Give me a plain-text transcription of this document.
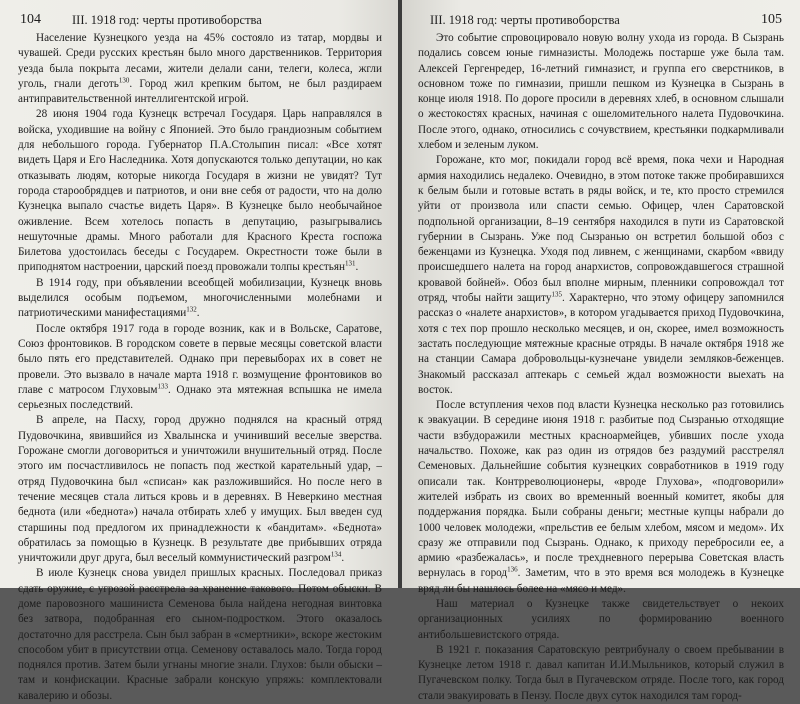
104 III. 1918 год: черты противоборства

Население Кузнецкого уезда на 45% состояло из татар, мордвы и чувашей. Среди русских крестьян было много дарственников. Территория уезда была покрыта лесами, жители делали сани, телеги, колеса, жгли уголь, гнали деготь$^{130}$. Город жил крепким бытом, не был раздираем антиправительственной интеллигентской игрой.

28 июня 1904 года Кузнецк встречал Государя. Царь направлялся в войска, уходившие на войну с Японией. Это было грандиозным событием для небольшого города. Губернатор П.А.Столыпин писал: «Все хотят видеть Царя и Его Наследника. Хотя допускаются только депутации, но как отказывать людям, которые никогда Государя в жизни не увидят? Тут города старообрядцев и патриотов, и они вне себя от радости, что на долю Кузнецка выпало счастье видеть Царя». В Кузнецке было необычайное оживление. Всем хотелось попасть в депутацию, разыгрывались нешуточные драмы. Много работали для Красного Креста госпожа Билетова удостоилась беседы с Государем. Окрестности тоже были в приподнятом настроении, царский поезд провожали толпы крестьян$^{131}$.

В 1914 году, при объявлении всеобщей мобилизации, Кузнецк вновь выделился особым подъемом, многочисленными молебнами и патриотическими манифестациями$^{132}$.

После октября 1917 года в городе возник, как и в Вольске, Саратове, Союз фронтовиков. В городском совете в первые месяцы советской власти было пять его представителей. Однако при перевыборах их в совет не провели. Это вызвало в начале марта 1918 г. возмущение фронтовиков во главе с матросом Глуховым$^{133}$. Однако эта мятежная вспышка не имела серьезных последствий.

В апреле, на Пасху, город дружно поднялся на красный отряд Пудовочкина, явившийся из Хвалынска и учинивший веселые зверства. Горожане смогли договориться и уничтожили внушительный отряд. После этого им посчастливилось не попасть под жесткой карательный удар, – отряд Пудовочкина был «списан» как разложившийся. Но после него в течение месяцев стала литься кровь и в деревнях. В Неверкино местная беднота (или «беднота») начала отбирать хлеб у имущих. Был введен суд старшины под предлогом их принадлежности к «бандитам». «Беднота» обратилась за помощью в Кузнецк. В результате две прибывших отряда уничтожили друг друга, был веселый коммунистический разгром$^{134}$.

В июле Кузнецк снова увидел пришлых красных. Последовал приказ сдать оружие, с угрозой расстрела за хранение такового. Потом обыски. В доме паровозного машиниста Семенова была найдена негодная винтовка без затвора, подобранная его сыном-подростком. Этого оказалось достаточно для расстрела. Сын был забран в «смертники», вскоре жестоким способом убит в присутствии отца. Семенову оставалось мало. Тогда город поднялся против. Затем были угнаны многие знали. Глухов: были обыски – там и конфискации. Красные забрали конскую упряжь: комплектовали кавалерию и обозы.

III. 1918 год: черты противоборства	105

Это событие спровоцировало новую волну ухода из города. В Сызрань подались совсем юные гимназисты. Молодежь постарше уже была там. Алексей Гергенредер, 16-летний гимназист, и группа его сверстников, в основном тоже по гимназии, пришли пешком из Кузнецка в Сызрань в конце июля 1918. По дороге просили в деревнях хлеб, в основном слышали о жестокостях красных, начиная с ошеломительного налета Пудовочкина. После этого, однако, относились с сочувствием, крестьянки подкармливали хлебом и зеленым луком.

Горожане, кто мог, покидали город всё время, пока чехи и Народная армия находились недалеко. Очевидно, в этом потоке также пробиравшихся к белым были и готовые встать в ряды войск, и те, кто просто стремился уйти от произвола или спасти семью. Офицер, член Саратовской подпольной организации, 8–19 сентября находился в пути из Саратовской губернии в Сызрань. Уже под Сызранью он встретил большой обоз с беженцами из Кузнецка. Уходя под ливнем, с женщинами, скарбом «ввиду происшедшего налета на город анархистов, сопровождавшегося страшной кровавой бойней». Обоз был вполне мирным, пленники сопровождал тот отряд, чтобы найти защиту$^{135}$. Характерно, что этому офицеру запомнился рассказ о «налете анархистов», в котором угадывается приход Пудовочкина, хотя с тех пор прошло несколько месяцев, и он, скорее, имел возможность застать последующие мятежные красные отряды. В начале октября 1918 же на станции Самара добровольцы-кузнечане увидели земляков-беженцев. Знакомый рассказал аптекарь с семьей ждал возможности выехать на восток.

После вступления чехов под власти Кузнецка несколько раз готовились к эвакуации. В середине июня 1918 г. разбитые под Сызранью отходящие части взбудоражили местных красноармейцев, убивших после ухода начальство. Похоже, как раз один из отрядов без раздумий расстрелял Семеновых. Дальнейшие события кузнецких совработников в 1919 году описали так. Контрреволюционеры, «вроде Глухова», «подговорили» жителей избрать из своих во временный военный комитет, якобы для поддержания порядка. Были собраны деньги; местные купцы набрали до 1000 человек молодежи, «прельстив ее белым хлебом, мясом и медом». Их сразу же отправили под Сызрань. Однако, к приходу перебросили ее, а армию «разбежалась», и после трехдневного перерыва Советская власть вернулась в город$^{136}$. Заметим, что в это время вся молодежь в Кузнецке вряд ли бы нашлось более на «мясо и мед».

Наш материал о Кузнецке также свидетельствует о некоих организационных усилиях по формированию военного антибольшевистского отряда.

В 1921 г. показания Саратовскую ревтрибуналу о своем пребывании в Кузнецке летом 1918 г. давал капитан И.И.Мыльников, который служил в Пугачевском полку. Тогда был в Пугачевском отряде. После того, как город стали эвакуировать в Пензу. После двух суток находился там город-
